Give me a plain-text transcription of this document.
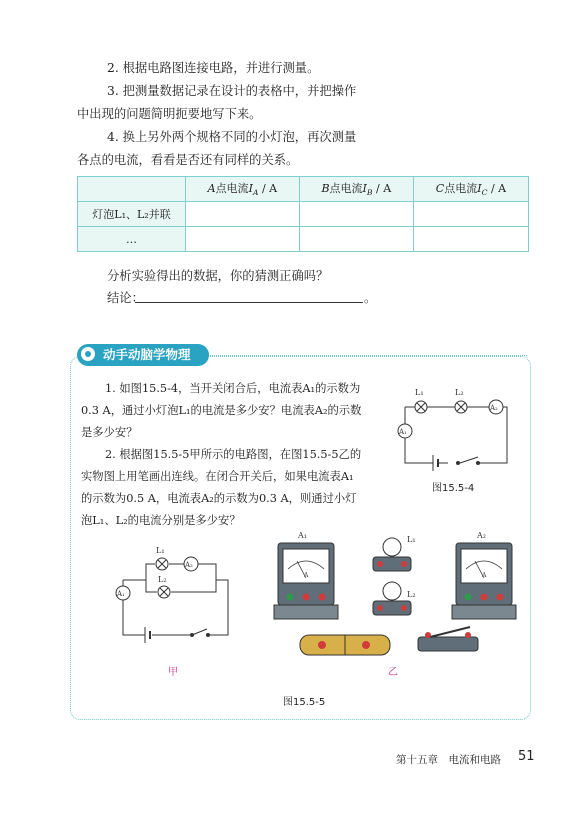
2. 根据电路图连接电路，并进行测量。
3. 把测量数据记录在设计的表格中，并把操作
中出现的问题简明扼要地写下来。
4. 换上另外两个规格不同的小灯泡，再次测量
各点的电流，看看是否还有同样的关系。
	A点电流$I_A$ / A	B点电流$I_B$ / A	C点电流$I_C$ / A
灯泡L₁、L₂并联			
…			
分析实验得出的数据，你的猜测正确吗？
结论：	。
动手动脑学物理
1. 如图15.5-4，当开关闭合后，电流表A₁的示数为
0.3 A，通过小灯泡L₁的电流是多少安？电流表A₂的示数
是多少安？
2. 根据图15.5-5甲所示的电路图，在图15.5-5乙的
实物图上用笔画出连线。在闭合开关后，如果电流表A₁
的示数为0.5 A，电流表A₂的示数为0.3 A，则通过小灯
泡L₁、L₂的电流分别是多少安？
L₁	L₂
A₂
A₁
图15.5-4
L₁
L₂
A₂
A₁
甲
A
A₁
A
A₂
L₁
L₂
乙
图15.5-5
第十五章　电流和电路 51
